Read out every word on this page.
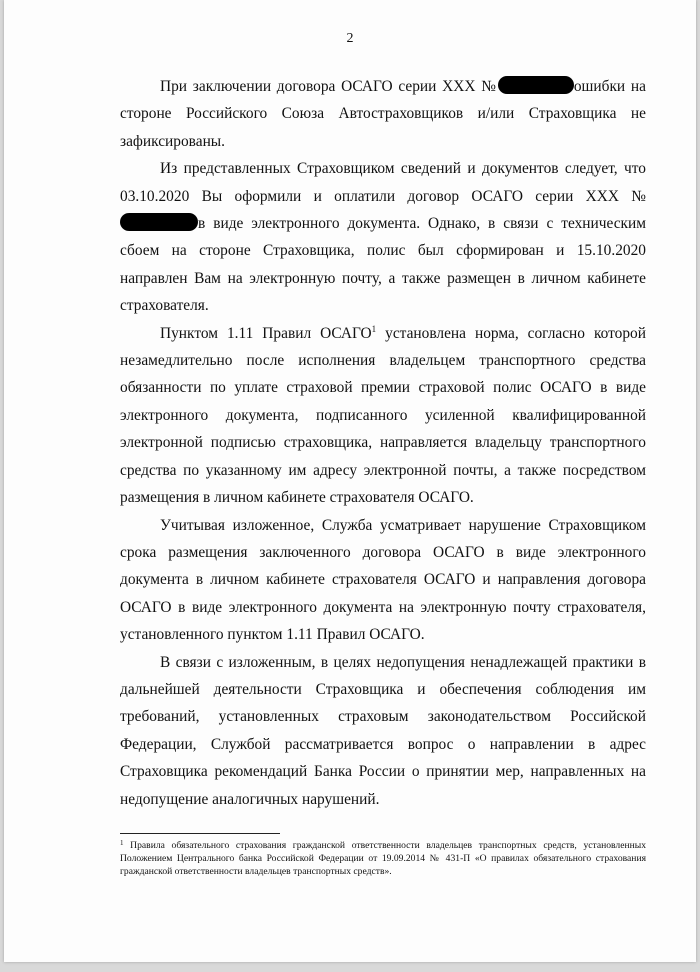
2

При заключении договора ОСАГО серии ХХХ №	ошибки на стороне Российского Союза Автостраховщиков и/или Страховщика не зафиксированы.

Из представленных Страховщиком сведений и документов следует, что 03.10.2020 Вы оформили и оплатили договор ОСАГО серии ХХХ №в виде электронного документа. Однако, в связи с техническим сбоем на стороне Страховщика, полис был сформирован и 15.10.2020 направлен Вам на электронную почту, а также размещен в личном кабинете страхователя.

Пунктом 1.11 Правил ОСАГО$^1$ установлена норма, согласно которой незамедлительно после исполнения владельцем транспортного средства обязанности по уплате страховой премии страховой полис ОСАГО в виде электронного документа, подписанного усиленной квалифицированной электронной подписью страховщика, направляется владельцу транспортного средства по указанному им адресу электронной почты, а также посредством размещения в личном кабинете страхователя ОСАГО.

Учитывая изложенное, Служба усматривает нарушение Страховщиком срока размещения заключенного договора ОСАГО в виде электронного документа в личном кабинете страхователя ОСАГО и направления договора ОСАГО в виде электронного документа на электронную почту страхователя, установленного пунктом 1.11 Правил ОСАГО.

В связи с изложенным, в целях недопущения ненадлежащей практики в дальнейшей деятельности Страховщика и обеспечения соблюдения им требований, установленных страховым законодательством Российской Федерации, Службой рассматривается вопрос о направлении в адрес Страховщика рекомендаций Банка России о принятии мер, направленных на недопущение аналогичных нарушений.

$^1$ Правила обязательного страхования гражданской ответственности владельцев транспортных средств, установленных Положением Центрального банка Российской Федерации от 19.09.2014 № 431-П «О правилах обязательного страхования гражданской ответственности владельцев транспортных средств».
